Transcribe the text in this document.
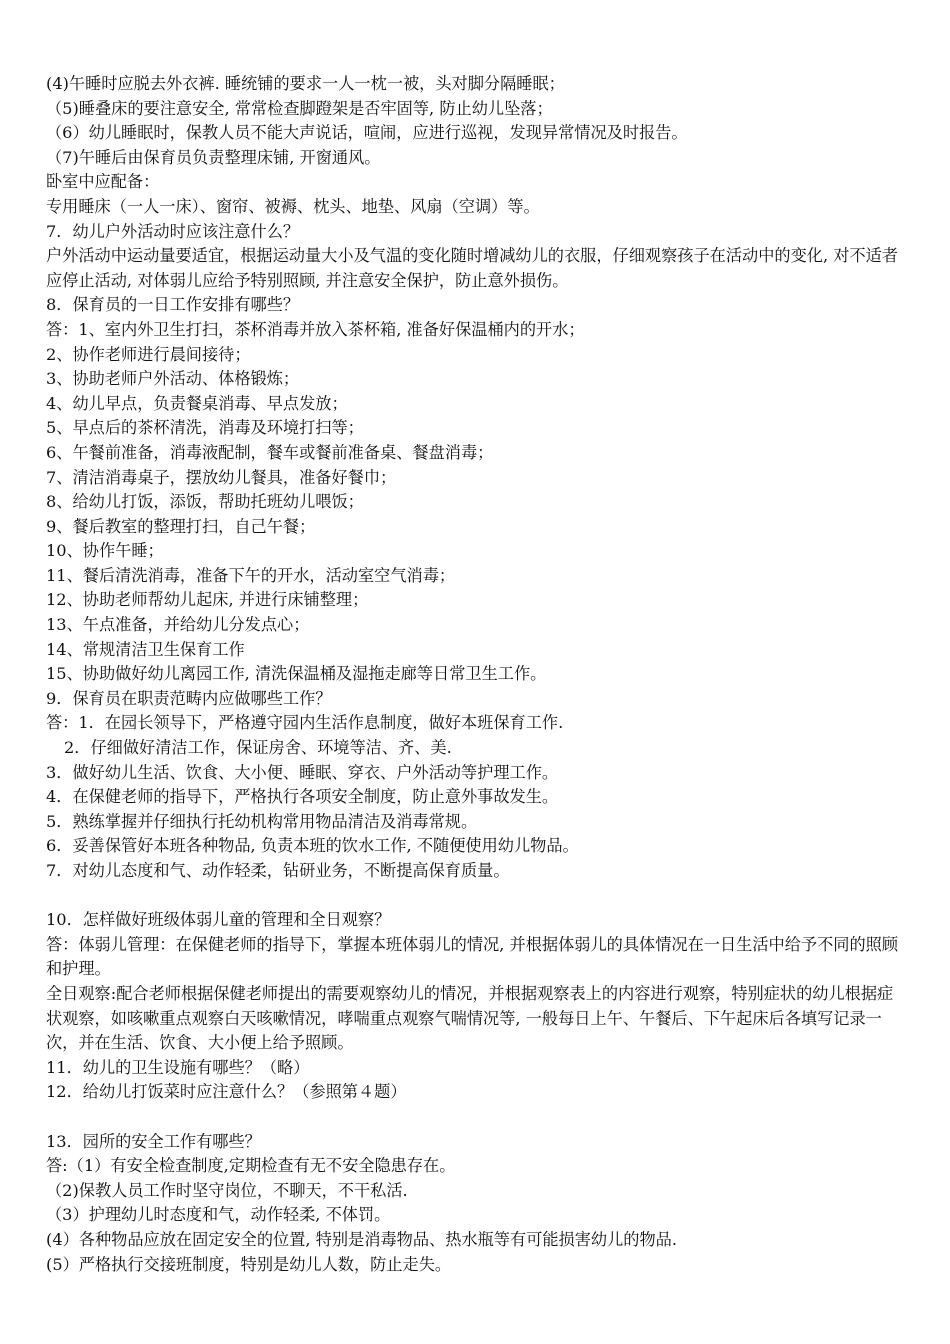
(4)午睡时应脱去外衣裤. 睡统铺的要求一人一枕一被，头对脚分隔睡眠；
（5)睡叠床的要注意安全, 常常检查脚蹬架是否牢固等, 防止幼儿坠落；
（6）幼儿睡眠时，保教人员不能大声说话，喧闹，应进行巡视，发现异常情况及时报告。
（7)午睡后由保育员负责整理床铺, 开窗通风。
卧室中应配备：
专用睡床（一人一床）、窗帘、被褥、枕头、地垫、风扇（空调）等。
7．幼儿户外活动时应该注意什么？
户外活动中运动量要适宜，根据运动量大小及气温的变化随时增减幼儿的衣服，仔细观察孩子在活动中的变化, 对不适者应停止活动, 对体弱儿应给予特别照顾, 并注意安全保护，防止意外损伤。
8．保育员的一日工作安排有哪些？
答：1、室内外卫生打扫，茶杯消毒并放入茶杯箱, 准备好保温桶内的开水；
2、协作老师进行晨间接待；
3、协助老师户外活动、体格锻炼；
4、幼儿早点，负责餐桌消毒、早点发放；
5、早点后的茶杯清洗，消毒及环境打扫等；
6、午餐前准备，消毒液配制，餐车或餐前准备桌、餐盘消毒；
7、清洁消毒桌子，摆放幼儿餐具，准备好餐巾；
8、给幼儿打饭，添饭，帮助托班幼儿喂饭；
9、餐后教室的整理打扫，自己午餐；
10、协作午睡；
11、餐后清洗消毒，准备下午的开水，活动室空气消毒；
12、协助老师帮幼儿起床, 并进行床铺整理；
13、午点准备，并给幼儿分发点心；
14、常规清洁卫生保育工作
15、协助做好幼儿离园工作, 清洗保温桶及湿拖走廊等日常卫生工作。
9．保育员在职责范畴内应做哪些工作？
答：1．在园长领导下，严格遵守园内生活作息制度，做好本班保育工作.
2．仔细做好清洁工作，保证房舍、环境等洁、齐、美.
3．做好幼儿生活、饮食、大小便、睡眠、穿衣、户外活动等护理工作。
4．在保健老师的指导下，严格执行各项安全制度，防止意外事故发生。
5．熟练掌握并仔细执行托幼机构常用物品清洁及消毒常规。
6．妥善保管好本班各种物品, 负责本班的饮水工作, 不随便使用幼儿物品。
7．对幼儿态度和气、动作轻柔，钻研业务，不断提高保育质量。
10．怎样做好班级体弱儿童的管理和全日观察？
答：体弱儿管理：在保健老师的指导下，掌握本班体弱儿的情况, 并根据体弱儿的具体情况在一日生活中给予不同的照顾和护理。
全日观察:配合老师根据保健老师提出的需要观察幼儿的情况，并根据观察表上的内容进行观察，特别症状的幼儿根据症状观察，如咳嗽重点观察白天咳嗽情况，哮喘重点观察气喘情况等, 一般每日上午、午餐后、下午起床后各填写记录一次，并在生活、饮食、大小便上给予照顾。
11．幼儿的卫生设施有哪些？（略）
12．给幼儿打饭菜时应注意什么？（参照第４题）
13．园所的安全工作有哪些？
答:（1）有安全检查制度,定期检查有无不安全隐患存在。
（2)保教人员工作时坚守岗位，不聊天，不干私活.
（3）护理幼儿时态度和气，动作轻柔, 不体罚。
(4）各种物品应放在固定安全的位置, 特别是消毒物品、热水瓶等有可能损害幼儿的物品.
(5）严格执行交接班制度，特别是幼儿人数，防止走失。
